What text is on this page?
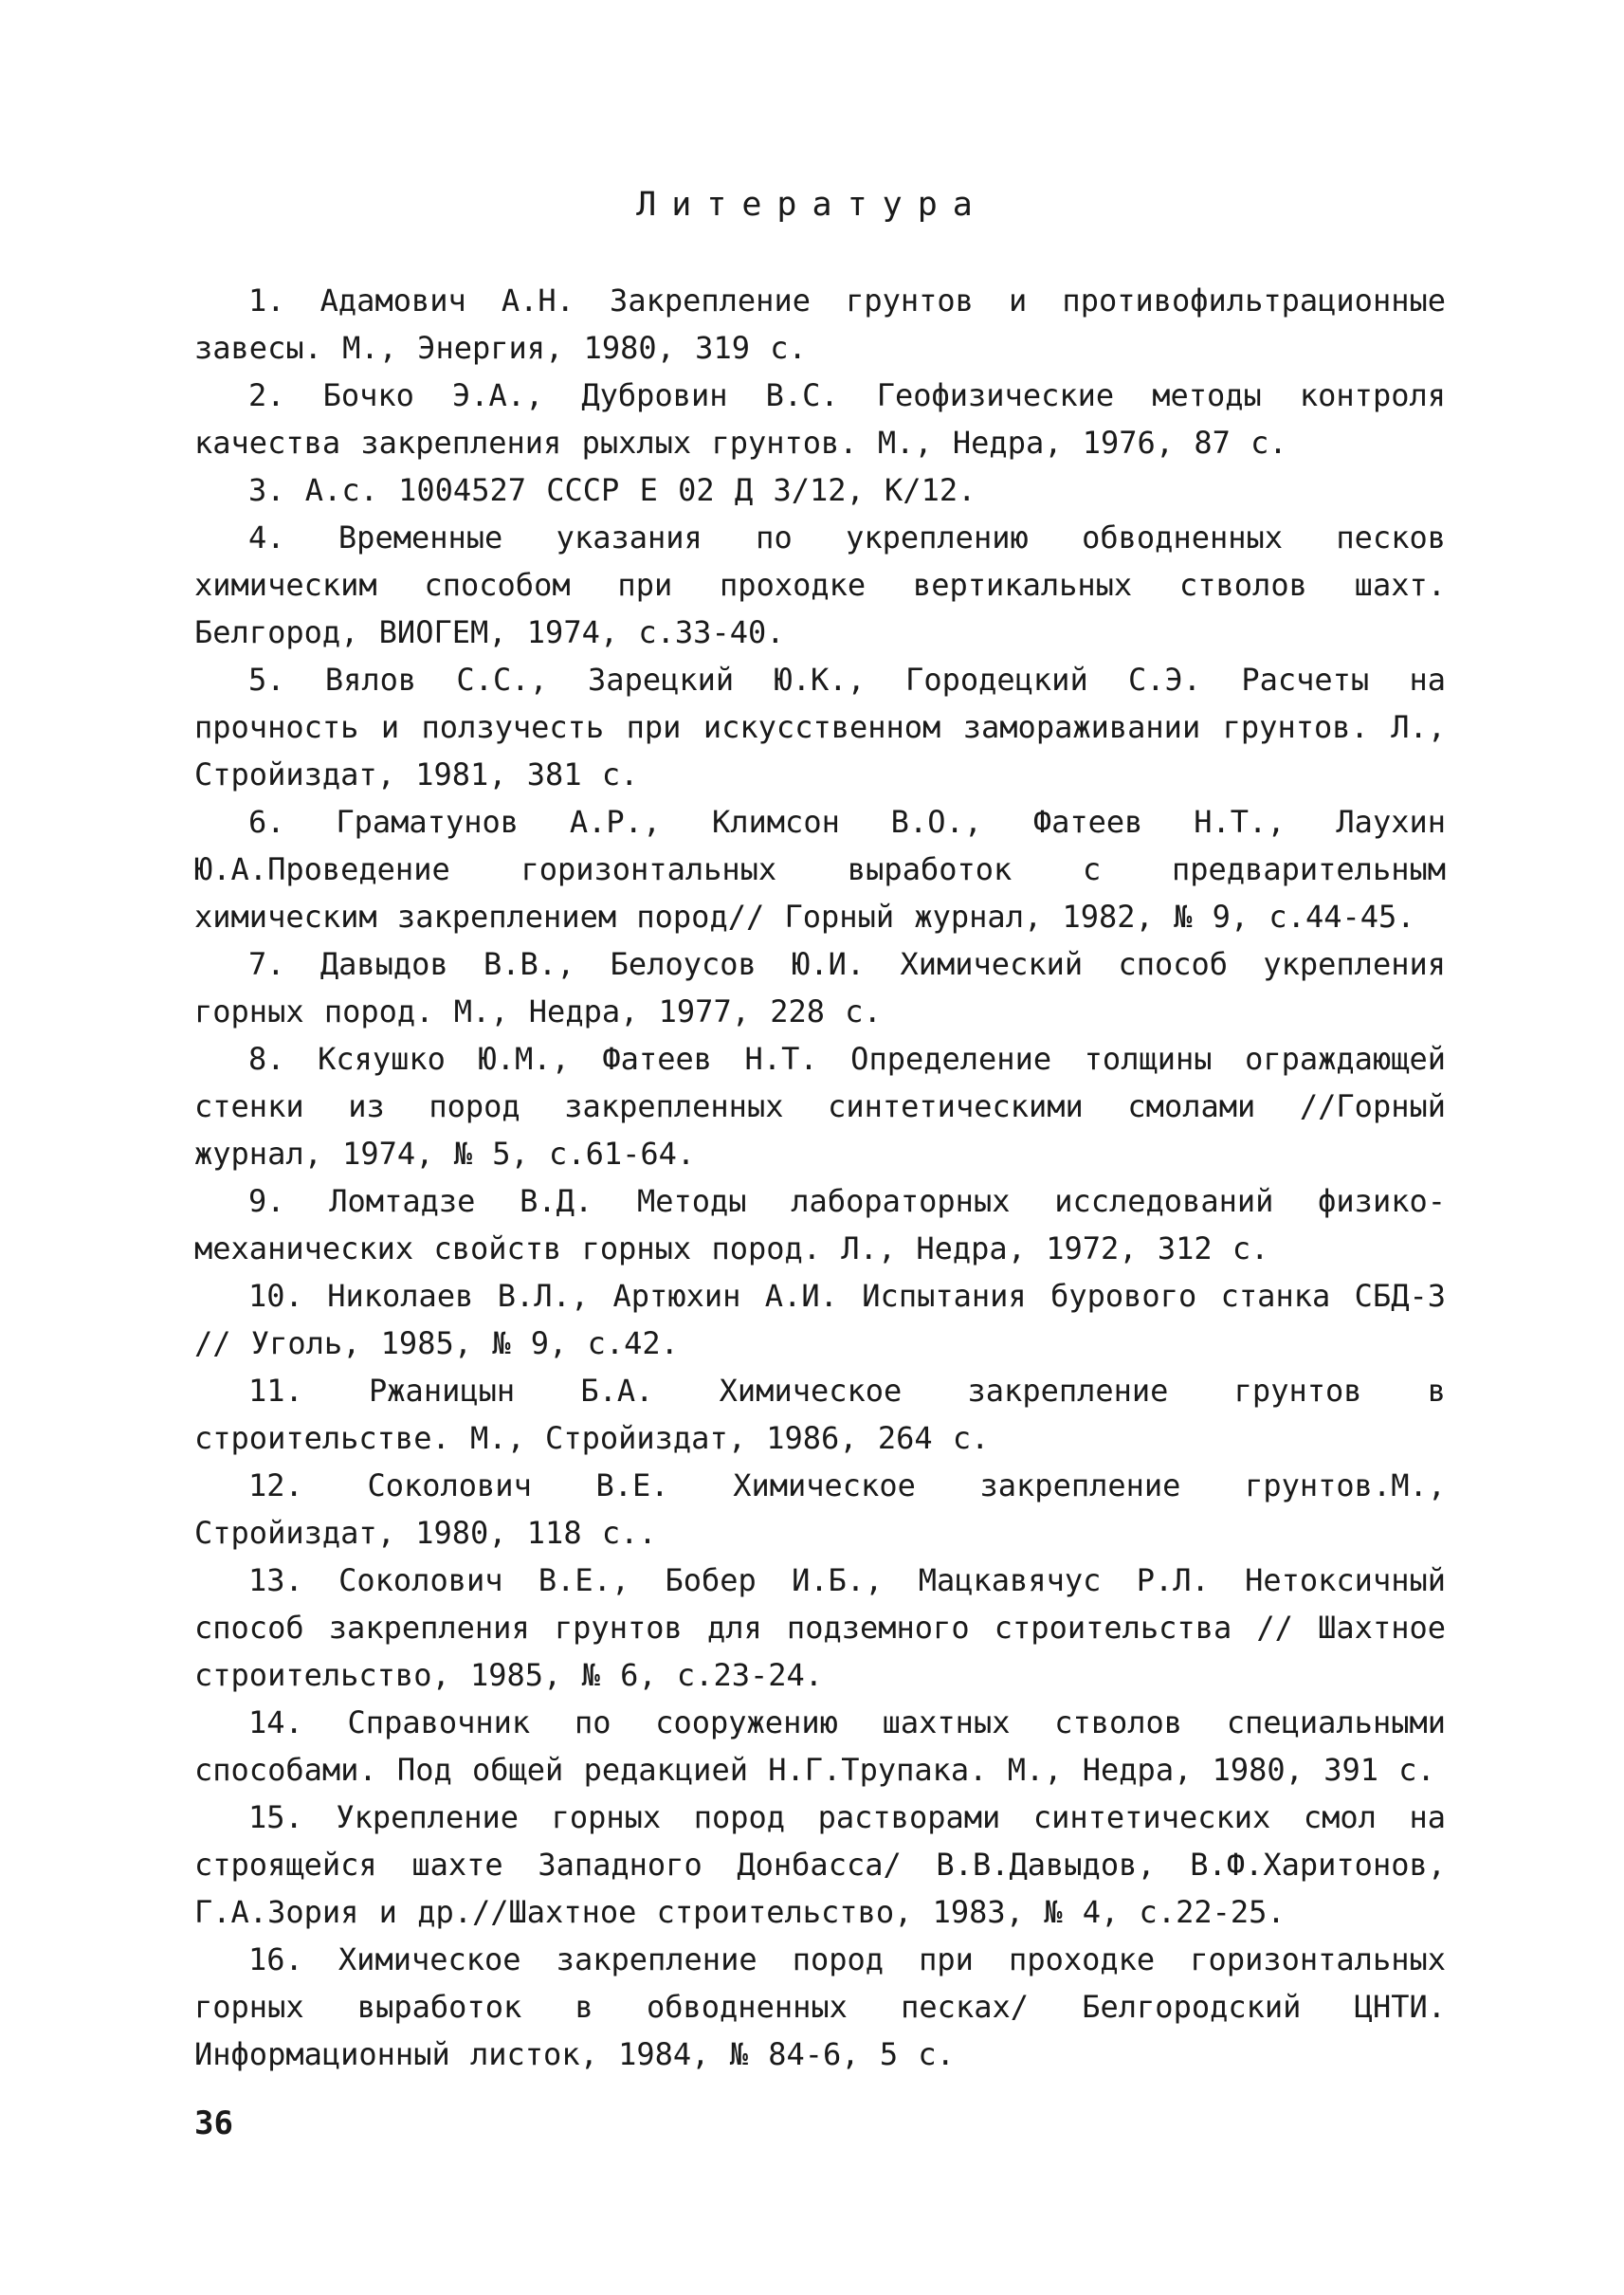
Литература
1. Адамович А.Н. Закрепление грунтов и противофильтрационные завесы. М., Энергия, 1980, 319 с.
2. Бочко Э.А., Дубровин В.С. Геофизические методы контроля качества закрепления рыхлых грунтов. М., Недра, 1976, 87 с.
3. А.с. 1004527 СССР Е 02 Д 3/12, К/12.
4. Временные указания по укреплению обводненных песков химическим способом при проходке вертикальных стволов шахт. Белгород, ВИОГЕМ, 1974, с.33-40.
5. Вялов С.С., Зарецкий Ю.К., Городецкий С.Э. Расчеты на прочность и ползучесть при искусственном замораживании грунтов. Л., Стройиздат, 1981, 381 с.
6. Граматунов А.Р., Климсон В.О., Фатеев Н.Т., Лаухин Ю.А.Проведение горизонтальных выработок с предварительным химическим закреплением пород// Горный журнал, 1982, № 9, с.44-45.
7. Давыдов В.В., Белоусов Ю.И. Химический способ укрепления горных пород. М., Недра, 1977, 228 с.
8. Ксяушко Ю.М., Фатеев Н.Т. Определение толщины ограждающей стенки из пород закрепленных синтетическими смолами //Горный журнал, 1974, № 5, с.61-64.
9. Ломтадзе В.Д. Методы лабораторных исследований физико-механических свойств горных пород. Л., Недра, 1972, 312 с.
10. Николаев В.Л., Артюхин А.И. Испытания бурового станка СБД-3 // Уголь, 1985, № 9, с.42.
11. Ржаницын Б.А. Химическое закрепление грунтов в строительстве. М., Стройиздат, 1986, 264 с.
12. Соколович В.Е. Химическое закрепление грунтов.М., Стройиздат, 1980, 118 с..
13. Соколович В.Е., Бобер И.Б., Мацкавячус Р.Л. Нетоксичный способ закрепления грунтов для подземного строительства // Шахтное строительство, 1985, № 6, с.23-24.
14. Справочник по сооружению шахтных стволов специальными способами. Под общей редакцией Н.Г.Трупака. М., Недра, 1980, 391 с.
15. Укрепление горных пород растворами синтетических смол на строящейся шахте Западного Донбасса/ В.В.Давыдов, В.Ф.Харитонов, Г.А.Зория и др.//Шахтное строительство, 1983, № 4, с.22-25.
16. Химическое закрепление пород при проходке горизонтальных горных выработок в обводненных песках/ Белгородский ЦНТИ. Информационный листок, 1984, № 84-6, 5 с.

36
